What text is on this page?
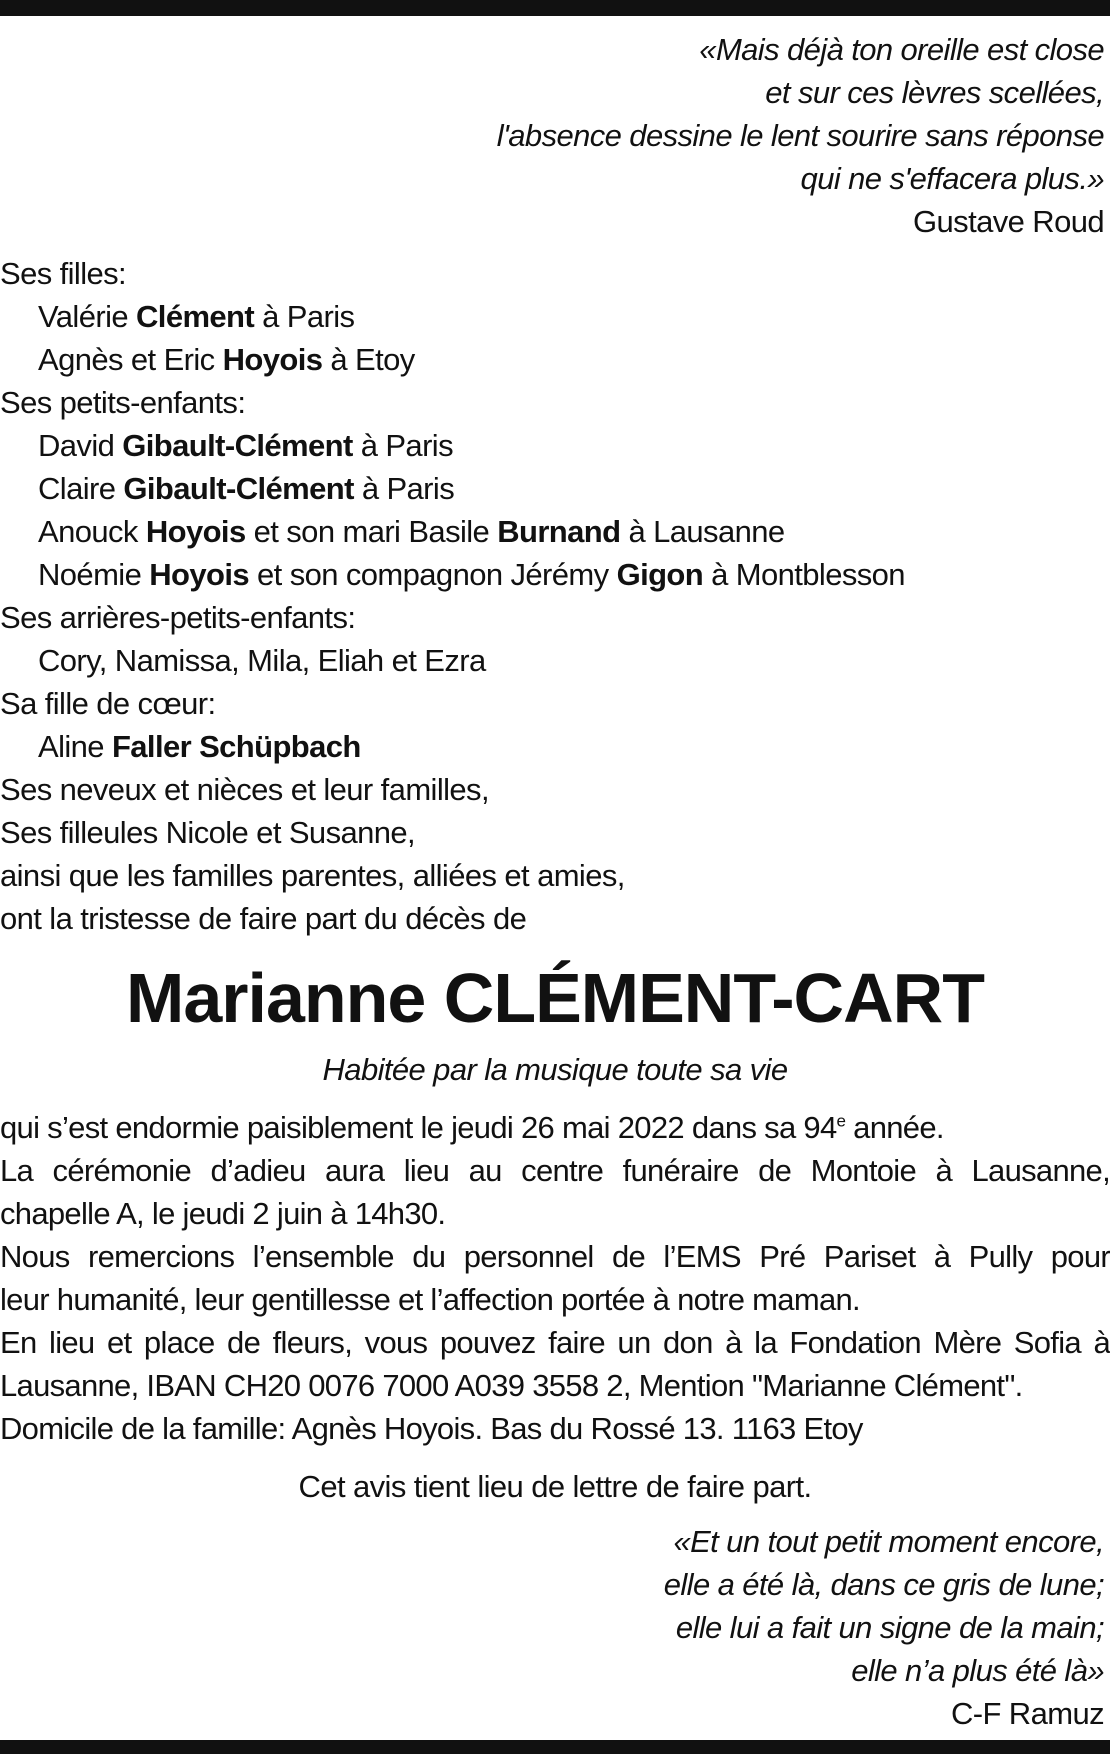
«Mais déjà ton oreille est close
et sur ces lèvres scellées,
l'absence dessine le lent sourire sans réponse
qui ne s'effacera plus.»
Gustave Roud
Ses filles:
Valérie Clément à Paris
Agnès et Eric Hoyois à Etoy
Ses petits-enfants:
David Gibault-Clément à Paris
Claire Gibault-Clément à Paris
Anouck Hoyois et son mari Basile Burnand à Lausanne
Noémie Hoyois et son compagnon Jérémy Gigon à Montblesson
Ses arrières-petits-enfants:
Cory, Namissa, Mila, Eliah et Ezra
Sa fille de cœur:
Aline Faller Schüpbach
Ses neveux et nièces et leur familles,
Ses filleules Nicole et Susanne,
ainsi que les familles parentes, alliées et amies,
ont la tristesse de faire part du décès de
Marianne CLÉMENT-CART
Habitée par la musique toute sa vie

qui s’est endormie paisiblement le jeudi 26 mai 2022 dans sa 94e année.

La cérémonie d’adieu aura lieu au centre funéraire de Montoie à Lausanne,

chapelle A, le jeudi 2 juin à 14h30.

Nous remercions l’ensemble du personnel de l’EMS Pré Pariset à Pully pour

leur humanité, leur gentillesse et l’affection portée à notre maman.

En lieu et place de fleurs, vous pouvez faire un don à la Fondation Mère Sofia à

Lausanne, IBAN CH20 0076 7000 A039 3558 2, Mention "Marianne Clément".

Domicile de la famille: Agnès Hoyois. Bas du Rossé 13. 1163 Etoy

Cet avis tient lieu de lettre de faire part.
«Et un tout petit moment encore,
elle a été là, dans ce gris de lune;
elle lui a fait un signe de la main;
elle n’a plus été là»
C-F Ramuz
